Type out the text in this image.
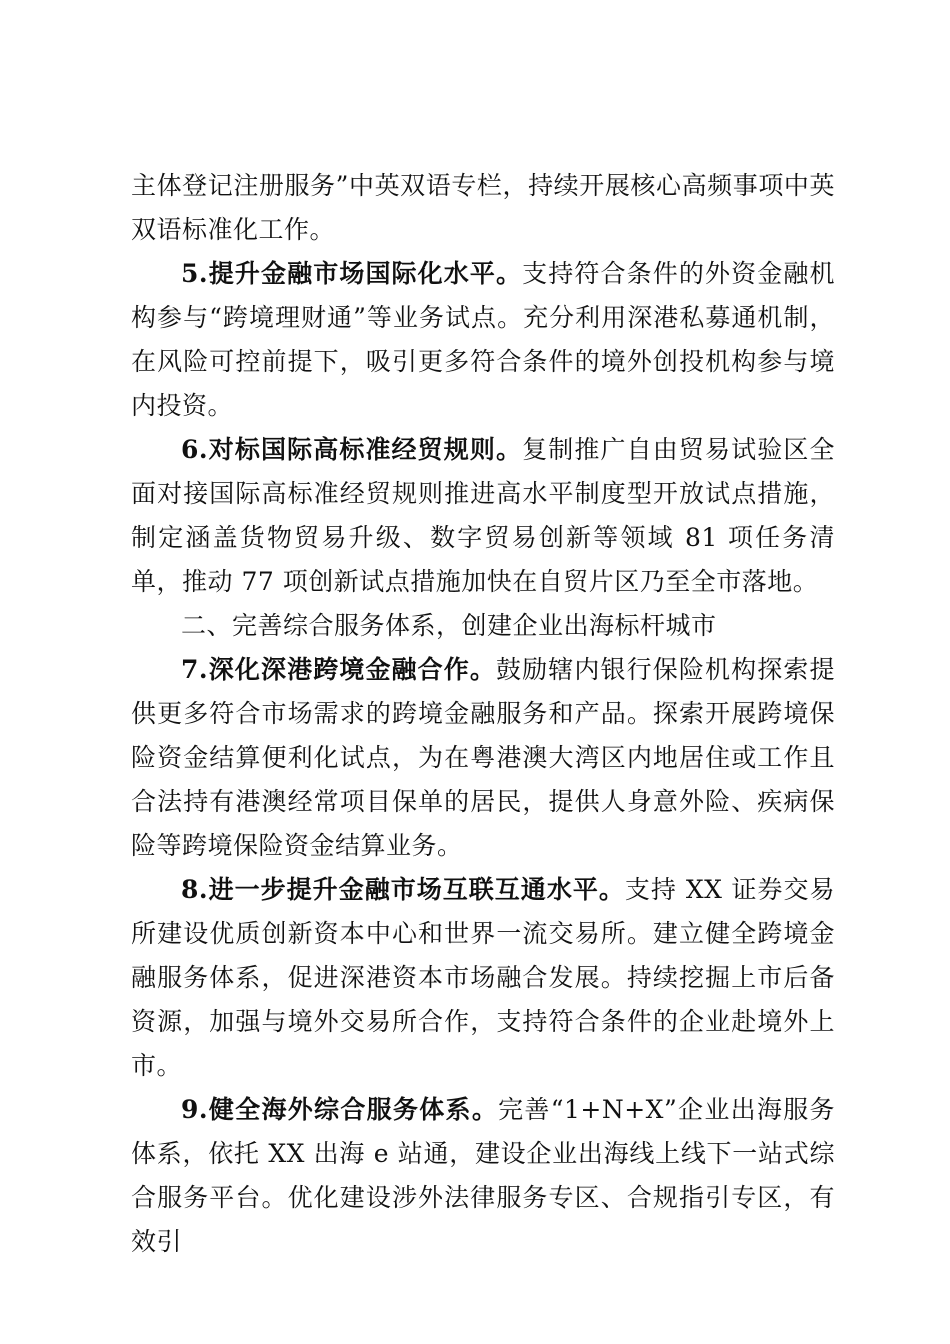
主体登记注册服务”中英双语专栏，持续开展核心高频事项中英双语标准化工作。

5.提升金融市场国际化水平。支持符合条件的外资金融机构参与“跨境理财通”等业务试点。充分利用深港私募通机制，在风险可控前提下，吸引更多符合条件的境外创投机构参与境内投资。

6.对标国际高标准经贸规则。复制推广自由贸易试验区全面对接国际高标准经贸规则推进高水平制度型开放试点措施，制定涵盖货物贸易升级、数字贸易创新等领域 81 项任务清单，推动 77 项创新试点措施加快在自贸片区乃至全市落地。

二、完善综合服务体系，创建企业出海标杆城市

7.深化深港跨境金融合作。鼓励辖内银行保险机构探索提供更多符合市场需求的跨境金融服务和产品。探索开展跨境保险资金结算便利化试点，为在粤港澳大湾区内地居住或工作且合法持有港澳经常项目保单的居民，提供人身意外险、疾病保险等跨境保险资金结算业务。

8.进一步提升金融市场互联互通水平。支持 XX 证券交易所建设优质创新资本中心和世界一流交易所。建立健全跨境金融服务体系，促进深港资本市场融合发展。持续挖掘上市后备资源，加强与境外交易所合作，支持符合条件的企业赴境外上市。

9.健全海外综合服务体系。完善“1+N+X”企业出海服务体系，依托 XX 出海 e 站通，建设企业出海线上线下一站式综合服务平台。优化建设涉外法律服务专区、合规指引专区，有效引
